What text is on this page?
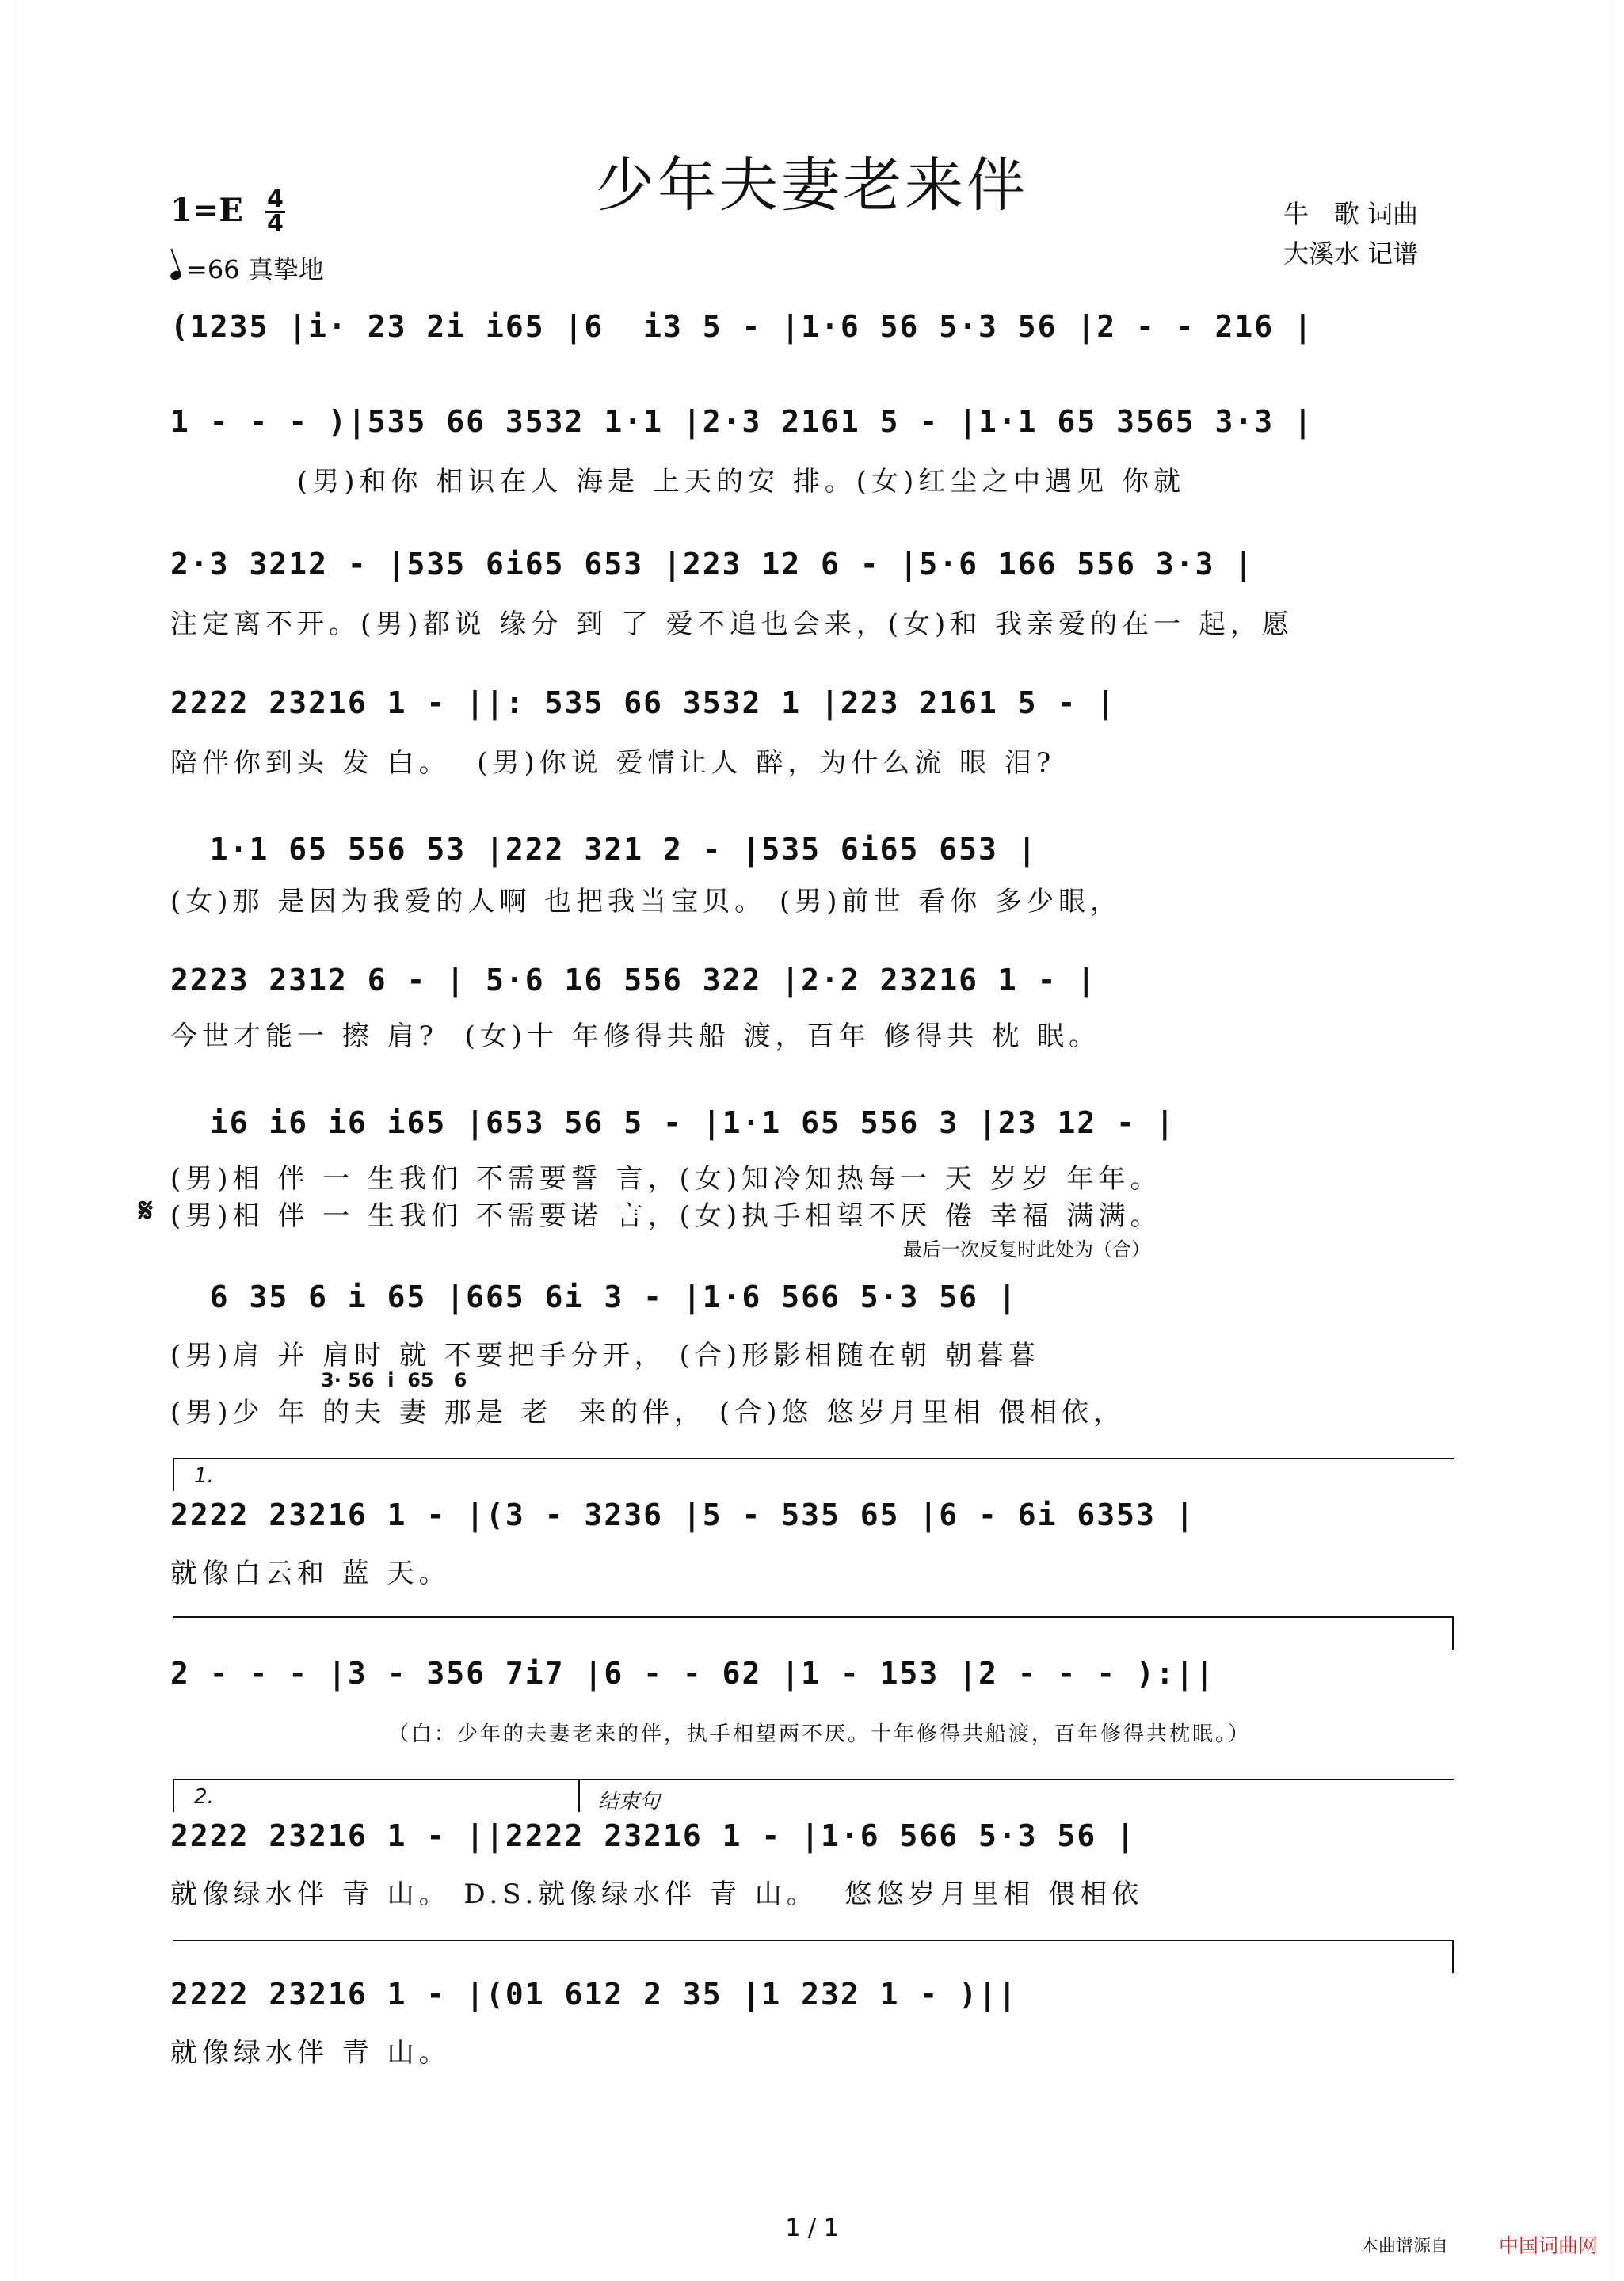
少年夫妻老来伴
$1=E \frac{4}{4}$
=66 真挚地
牛　歌 词曲
大溪水 记谱
(1235 |i· 23 2i i65 |6  i3 5 - |1·6 56 5·3 56 |2 - - 216 |
1 - - - )|535 66 3532 1·1 |2·3 2161 5 - |1·1 65 3565 3·3 |
(男)和你 相识在人 海是 上天的安 排。(女)红尘之中遇见 你就
2·3 3212 - |535 6i65 653 |223 12 6 - |5·6 166 556 3·3 |
注定离不开。(男)都说 缘分 到 了 爱不追也会来，(女)和 我亲爱的在一 起，愿
2222 23216 1 - ||: 535 66 3532 1 |223 2161 5 - |
陪伴你到头 发 白。  (男)你说 爱情让人 醉，为什么流 眼 泪?
1·1 65 556 53 |222 321 2 - |535 6i65 653 |
(女)那 是因为我爱的人啊 也把我当宝贝。 (男)前世 看你 多少眼，
2223 2312 6 - | 5·6 16 556 322 |2·2 23216 1 - |
今世才能一 擦 肩?  (女)十 年修得共船 渡，百年 修得共 枕 眠。
i6 i6 i6 i65 |653 56 5 - |1·1 65 556 3 |23 12 - |
(男)相 伴 一 生我们 不需要誓 言，(女)知冷知热每一 天 岁岁 年年。
𝄋 (男)相 伴 一 生我们 不需要诺 言，(女)执手相望不厌 倦 幸福 满满。
最后一次反复时此处为（合）
6 35 6 i 65 |665 6i 3 - |1·6 566 5·3 56 |
(男)肩 并 肩时 就 不要把手分开， (合)形影相随在朝 朝暮暮
3· 56  i  65   6
(男)少 年 的夫 妻 那是 老  来的伴， (合)悠 悠岁月里相 偎相依，
1.
2222 23216 1 - |(3 - 3236 |5 - 535 65 |6 - 6i 6353 |
就像白云和 蓝 天。
2 - - - |3 - 356 7i7 |6 - - 62 |1 - 153 |2 - - - ):||
（白：少年的夫妻老来的伴，执手相望两不厌。十年修得共船渡，百年修得共枕眠。）
2.	结束句
2222 23216 1 - ||2222 23216 1 - |1·6 566 5·3 56 |
就像绿水伴 青 山。 D.S.就像绿水伴 青 山。  悠悠岁月里相 偎相依
2222 23216 1 - |(01 612 2 35 |1 232 1 - )||
就像绿水伴 青 山。
1 / 1
本曲谱源自	中国词曲网
